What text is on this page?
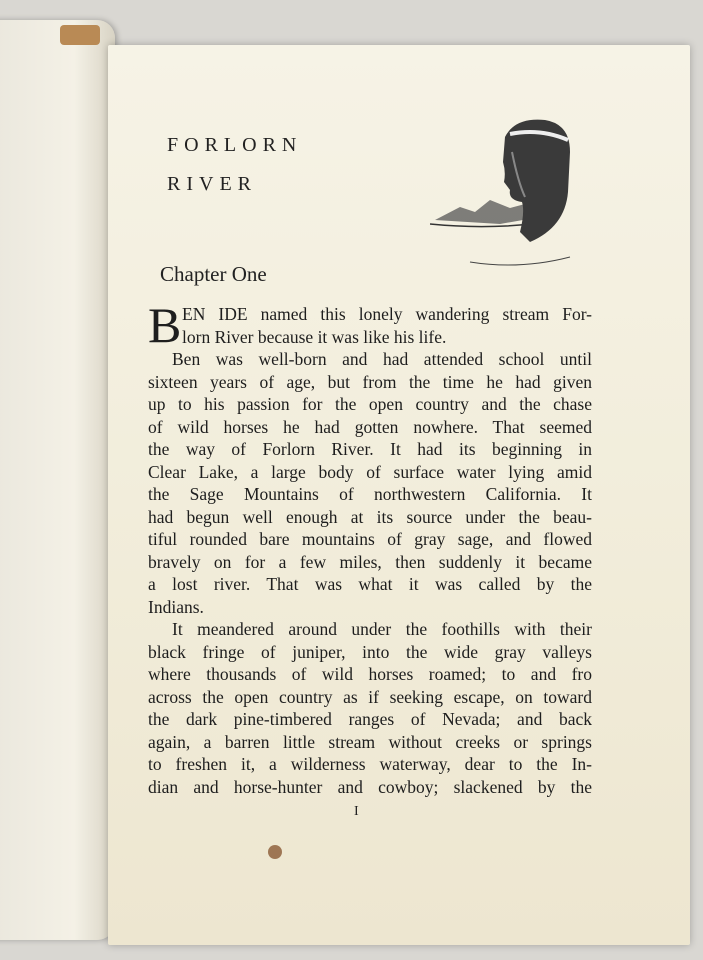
FORLORN
RIVER
Chapter One
B EN IDE named this lonely wandering stream For-
lorn River because it was like his life.
Ben was well-born and had attended school until
sixteen years of age, but from the time he had given
up to his passion for the open country and the chase
of wild horses he had gotten nowhere. That seemed
the way of Forlorn River. It had its beginning in
Clear Lake, a large body of surface water lying amid
the Sage Mountains of northwestern California. It
had begun well enough at its source under the beau-
tiful rounded bare mountains of gray sage, and flowed
bravely on for a few miles, then suddenly it became
a lost river. That was what it was called by the
Indians.
It meandered around under the foothills with their
black fringe of juniper, into the wide gray valleys
where thousands of wild horses roamed; to and fro
across the open country as if seeking escape, on toward
the dark pine-timbered ranges of Nevada; and back
again, a barren little stream without creeks or springs
to freshen it, a wilderness waterway, dear to the In-
dian and horse-hunter and cowboy; slackened by the
I
